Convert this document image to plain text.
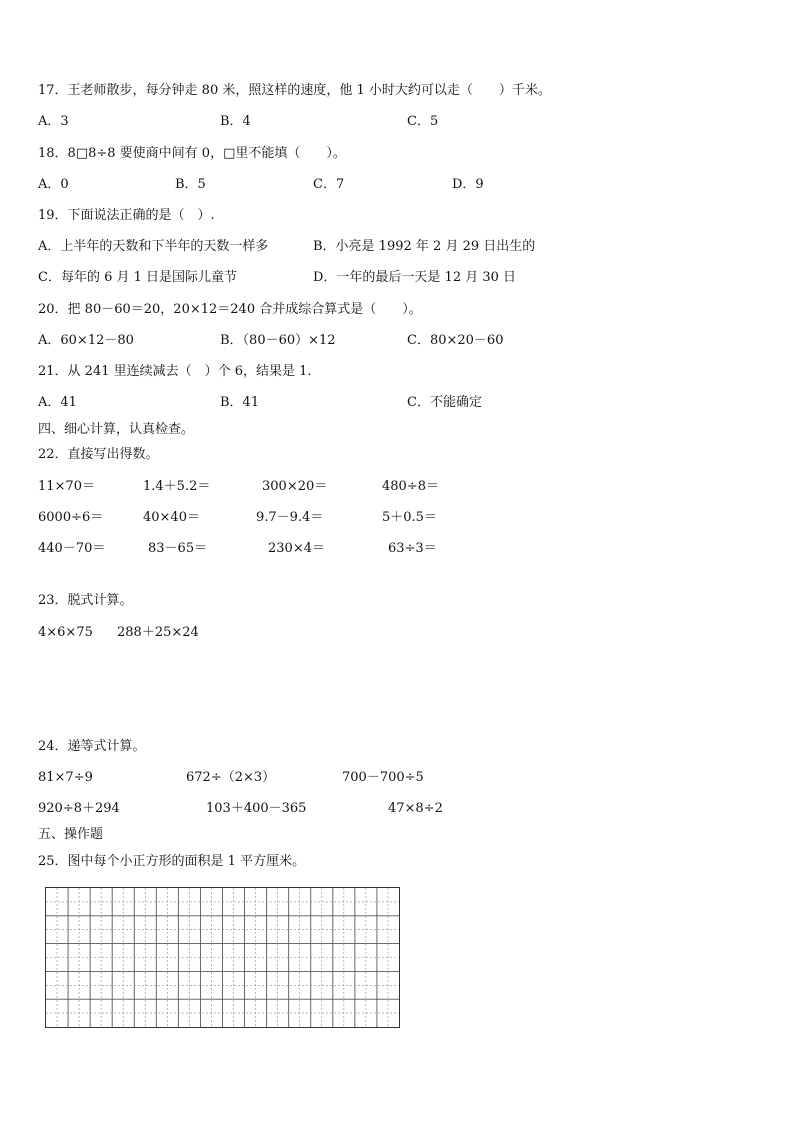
17．王老师散步，每分钟走 80 米，照这样的速度，他 1 小时大约可以走（　　）千米。
A．3	B．4	C．5
18．8□8÷8 要使商中间有 0，□里不能填（　　）。
A．0	B．5	C．7	D．9
19．下面说法正确的是（　）.
A．上半年的天数和下半年的天数一样多	B．小亮是 1992 年 2 月 29 日出生的
C．每年的 6 月 1 日是国际儿童节	D．一年的最后一天是 12 月 30 日
20．把 80－60＝20，20×12＝240 合并成综合算式是（　　）。
A．60×12－80	B．（80－60）×12	C．80×20－60
21．从 241 里连续减去（　）个 6，结果是 1.
A．41	B．41	C．不能确定
四、细心计算，认真检查。
22．直接写出得数。
11×70＝	1.4＋5.2＝	300×20＝	480÷8＝
6000÷6＝	40×40＝	9.7－9.4＝	5＋0.5＝
440－70＝	83－65＝	230×4＝	63÷3＝
23．脱式计算。
4×6×75 288＋25×24
24．递等式计算。
81×7÷9	672÷（2×3）	700－700÷5
920÷8＋294	103＋400－365	47×8÷2
五、操作题
25．图中每个小正方形的面积是 1 平方厘米。
